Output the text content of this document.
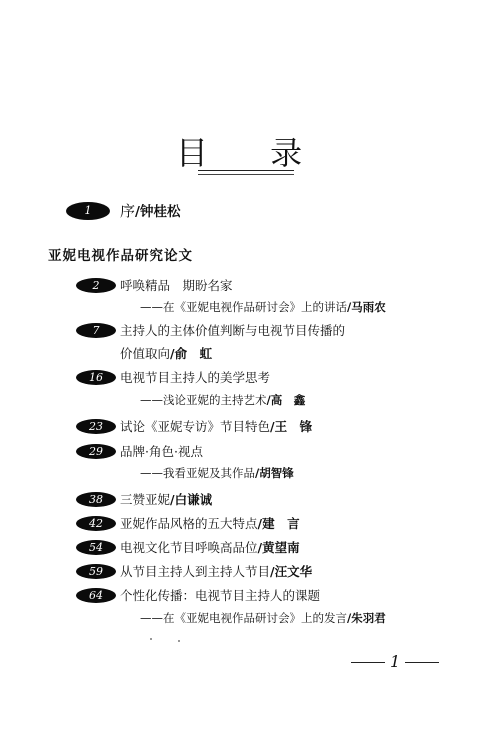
目 录
1	序/钟桂松
亚妮电视作品研究论文
2	呼唤精品　期盼名家
——在《亚妮电视作品研讨会》上的讲话/马雨农
7	主持人的主体价值判断与电视节目传播的
价值取向/俞　虹
16	电视节目主持人的美学思考
——浅论亚妮的主持艺术/高　鑫
23	试论《亚妮专访》节目特色/王　锋
29	品牌·角色·视点
——我看亚妮及其作品/胡智锋
38	三赞亚妮/白谦诚
42	亚妮作品风格的五大特点/建　言
54	电视文化节目呼唤高品位/黄望南
59	从节目主持人到主持人节目/汪文华
64	个性化传播：电视节目主持人的课题
——在《亚妮电视作品研讨会》上的发言/朱羽君
1
